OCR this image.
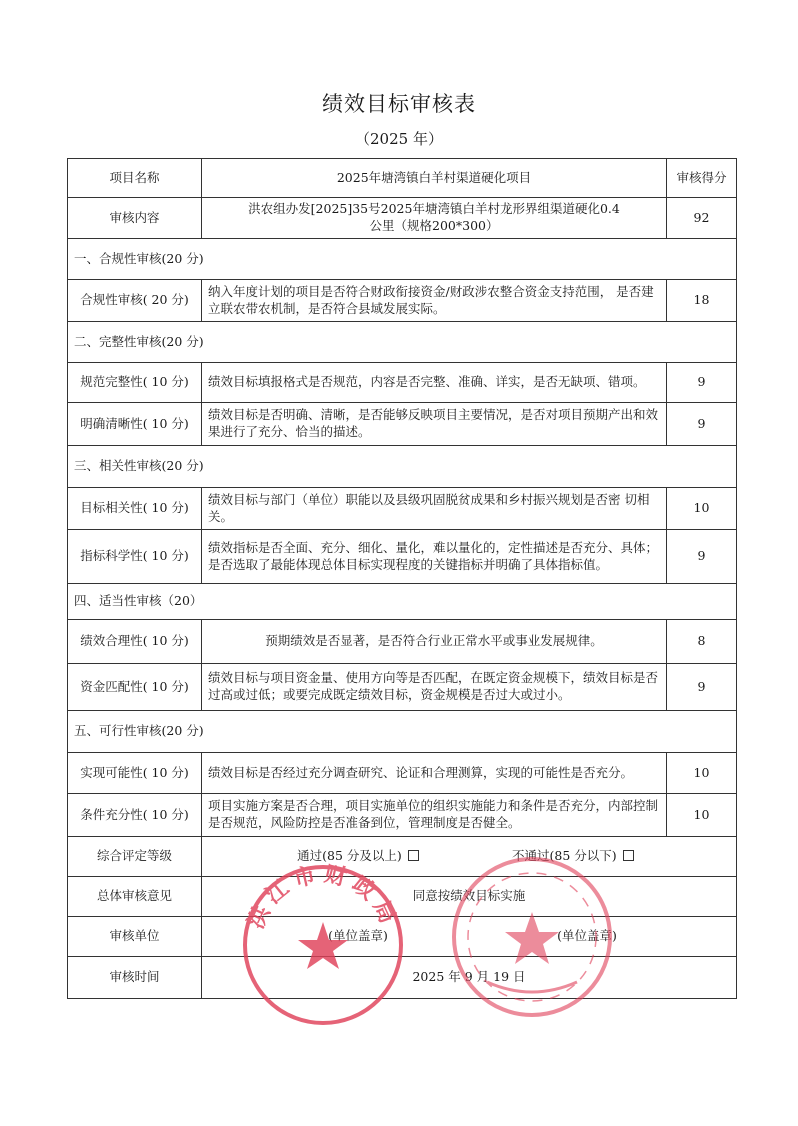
绩效目标审核表
（2025 年）
项目名称	2025年塘湾镇白羊村渠道硬化项目	审核得分
审核内容	洪农组办发[2025]35号2025年塘湾镇白羊村龙形界组渠道硬化0.4公里（规格200*300）	92
一、合规性审核(20 分)		
合规性审核( 20 分)	纳入年度计划的项目是否符合财政衔接资金/财政涉农整合资金支持范围， 是否建立联农带农机制，是否符合县域发展实际。	18
二、完整性审核(20 分)		
规范完整性( 10 分)	绩效目标填报格式是否规范，内容是否完整、准确、详实，是否无缺项、错项。	9
明确清晰性( 10 分)	绩效目标是否明确、清晰，是否能够反映项目主要情况，是否对项目预期产出和效果进行了充分、恰当的描述。	9
三、相关性审核(20 分)		
目标相关性( 10 分)	绩效目标与部门（单位）职能以及县级巩固脱贫成果和乡村振兴规划是否密 切相关。	10
指标科学性( 10 分)	绩效指标是否全面、充分、细化、量化，难以量化的，定性描述是否充分、具体；是否选取了最能体现总体目标实现程度的关键指标并明确了具体指标值。	9
四、适当性审核（20）		
绩效合理性( 10 分)	预期绩效是否显著，是否符合行业正常水平或事业发展规律。	8
资金匹配性( 10 分)	绩效目标与项目资金量、使用方向等是否匹配，在既定资金规模下，绩效目标是否过高或过低；或要完成既定绩效目标，资金规模是否过大或过小。	9
五、可行性审核(20 分)		
实现可能性( 10 分)	绩效目标是否经过充分调查研究、论证和合理测算，实现的可能性是否充分。	10
条件充分性( 10 分)	项目实施方案是否合理，项目实施单位的组织实施能力和条件是否充分，内部控制是否规范，风险防控是否准备到位，管理制度是否健全。	10
综合评定等级	通过(85 分及以上) 不通过(85 分以下)	
总体审核意见	同意按绩效目标实施	
审核单位	(单位盖章) (单位盖章)	
审核时间	2025 年 9 月 19 日	
洪江市财政局
